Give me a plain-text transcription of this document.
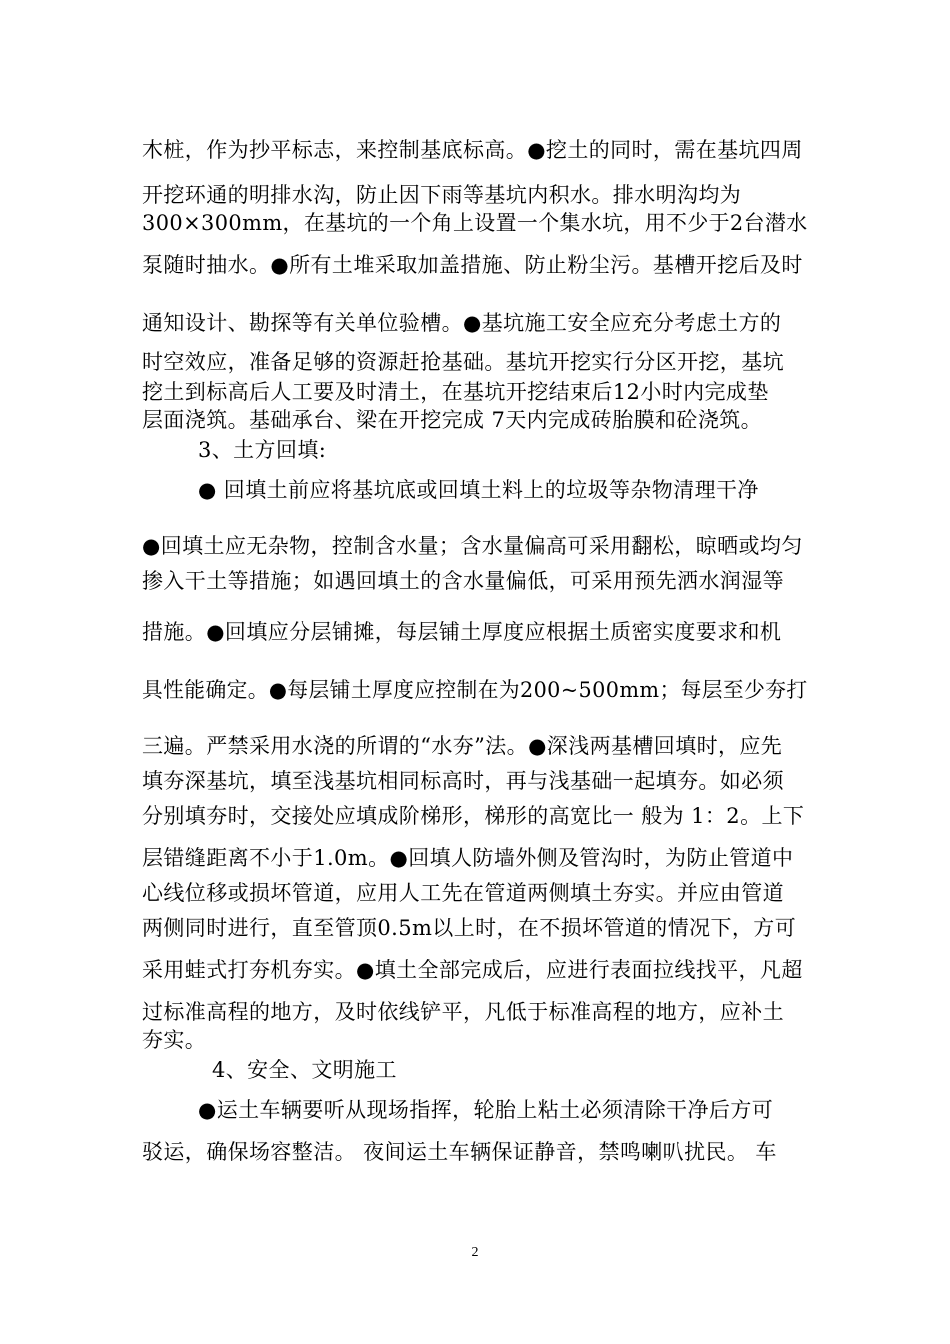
木桩，作为抄平标志，来控制基底标高。●挖土的同时，需在基坑四周
开挖环通的明排水沟，防止因下雨等基坑内积水。排水明沟均为
300×300mm，在基坑的一个角上设置一个集水坑，用不少于2台潜水
泵随时抽水。●所有土堆采取加盖措施、防止粉尘污。基槽开挖后及时
通知设计、勘探等有关单位验槽。●基坑施工安全应充分考虑土方的
时空效应，准备足够的资源赶抢基础。基坑开挖实行分区开挖，基坑
挖土到标高后人工要及时清土，在基坑开挖结束后12小时内完成垫
层面浇筑。基础承台、梁在开挖完成 7天内完成砖胎膜和砼浇筑。
3、土方回填:
● 回填土前应将基坑底或回填土料上的垃圾等杂物清理干净
●回填土应无杂物，控制含水量；含水量偏高可采用翻松，晾晒或均匀
掺入干土等措施；如遇回填土的含水量偏低，可采用预先洒水润湿等
措施。●回填应分层铺摊，每层铺土厚度应根据土质密实度要求和机
具性能确定。●每层铺土厚度应控制在为200~500mm；每层至少夯打
三遍。严禁采用水浇的所谓的“水夯”法。●深浅两基槽回填时，应先
填夯深基坑，填至浅基坑相同标高时，再与浅基础一起填夯。如必须
分别填夯时，交接处应填成阶梯形，梯形的高宽比一 般为 1：2。上下
层错缝距离不小于1.0m。●回填人防墙外侧及管沟时，为防止管道中
心线位移或损坏管道，应用人工先在管道两侧填土夯实。并应由管道
两侧同时进行，直至管顶0.5m以上时，在不损坏管道的情况下，方可
采用蛙式打夯机夯实。●填土全部完成后，应进行表面拉线找平，凡超
过标准高程的地方，及时依线铲平，凡低于标准高程的地方，应补土
夯实。
4、安全、文明施工
●运土车辆要听从现场指挥，轮胎上粘土必须清除干净后方可
驳运，确保场容整洁。 夜间运土车辆保证静音，禁鸣喇叭扰民。 车
2
